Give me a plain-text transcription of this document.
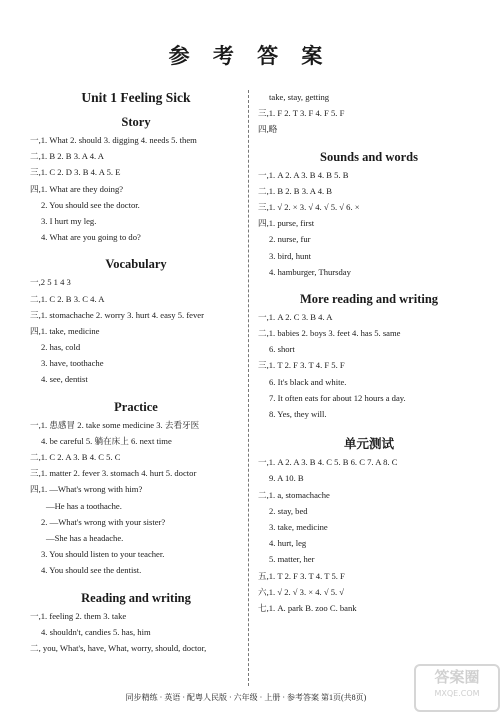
参 考 答 案
Unit 1 Feeling Sick
Story
一,1. What 2. should 3. digging 4. needs 5. them
二,1. B 2. B 3. A 4. A
三,1. C 2. D 3. B 4. A 5. E
四,1. What are they doing?
2. You should see the doctor.
3. I hurt my leg.
4. What are you going to do?
Vocabulary
一,2 5 1 4 3
二,1. C 2. B 3. C 4. A
三,1. stomachache 2. worry 3. hurt 4. easy 5. fever
四,1. take, medicine
2. has, cold
3. have, toothache
4. see, dentist
Practice
一,1. 患感冒 2. take some medicine 3. 去看牙医
4. be careful 5. 躺在床上 6. next time
二,1. C 2. A 3. B 4. C 5. C
三,1. matter 2. fever 3. stomach 4. hurt 5. doctor
四,1. —What's wrong with him?
—He has a toothache.
2. —What's wrong with your sister?
—She has a headache.
3. You should listen to your teacher.
4. You should see the dentist.
Reading and writing
一,1. feeling 2. them 3. take
4. shouldn't, candies 5. has, him
二, you, What's, have, What, worry, should, doctor,
take, stay, getting
三,1. F 2. T 3. F 4. F 5. F
四,略
Sounds and words
一,1. A 2. A 3. B 4. B 5. B
二,1. B 2. B 3. A 4. B
三,1. √ 2. × 3. √ 4. √ 5. √ 6. ×
四,1. purse, first
2. nurse, fur
3. bird, hunt
4. hamburger, Thursday
More reading and writing
一,1. A 2. C 3. B 4. A
二,1. babies 2. boys 3. feet 4. has 5. same
6. short
三,1. T 2. F 3. T 4. F 5. F
6. It's black and white.
7. It often eats for about 12 hours a day.
8. Yes, they will.
单元测试
一,1. A 2. A 3. B 4. C 5. B 6. C 7. A 8. C
9. A 10. B
二,1. a, stomachache
2. stay, bed
3. take, medicine
4. hurt, leg
5. matter, her
五,1. T 2. F 3. T 4. T 5. F
六,1. √ 2. √ 3. × 4. √ 5. √
七,1. A. park B. zoo C. bank
同步精练 · 英语 · 配粤人民版 · 六年级 · 上册 · 参考答案 第1页(共8页)
答案圈
MXQE.COM
